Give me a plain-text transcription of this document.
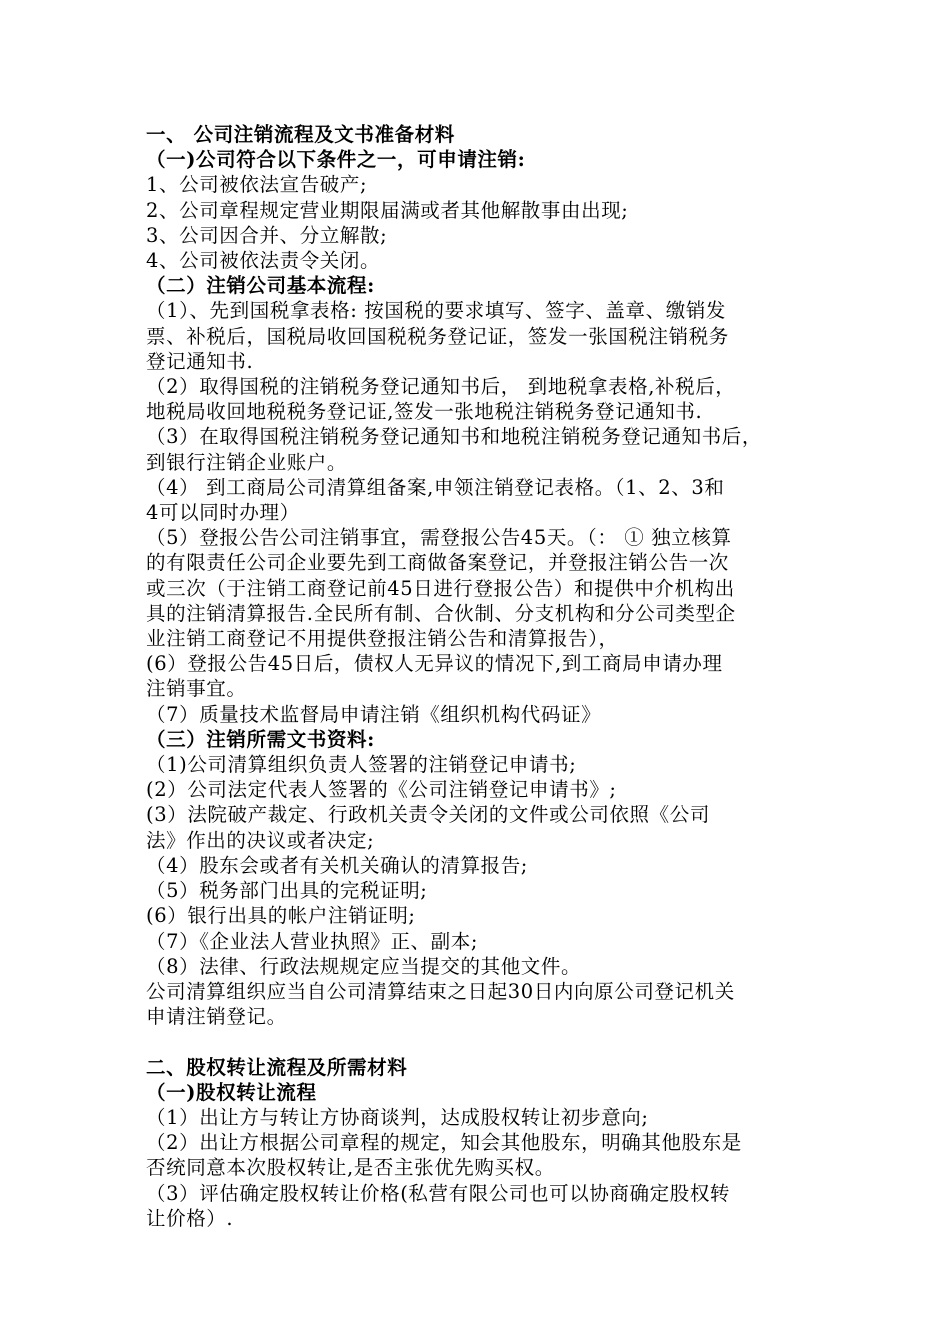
一、 公司注销流程及文书准备材料
（一)公司符合以下条件之一，可申请注销:
1、公司被依法宣告破产;
2、公司章程规定营业期限届满或者其他解散事由出现;
3、公司因合并、分立解散;
4、公司被依法责令关闭。
（二）注销公司基本流程:
（1）、先到国税拿表格: 按国税的要求填写、签字、盖章、缴销发
票、补税后，国税局收回国税税务登记证，签发一张国税注销税务
登记通知书.
（2）取得国税的注销税务登记通知书后， 到地税拿表格,补税后，
地税局收回地税税务登记证,签发一张地税注销税务登记通知书.
（3）在取得国税注销税务登记通知书和地税注销税务登记通知书后，
到银行注销企业账户。
（4） 到工商局公司清算组备案,申领注销登记表格。（1、2、3和
4可以同时办理）
（5）登报公告公司注销事宜，需登报公告45天。（： ① 独立核算
的有限责任公司企业要先到工商做备案登记，并登报注销公告一次
或三次（于注销工商登记前45日进行登报公告）和提供中介机构出
具的注销清算报告.全民所有制、合伙制、分支机构和分公司类型企
业注销工商登记不用提供登报注销公告和清算报告），
(6）登报公告45日后，债权人无异议的情况下,到工商局申请办理
注销事宜。
（7）质量技术监督局申请注销《组织机构代码证》
（三）注销所需文书资料:
（1)公司清算组织负责人签署的注销登记申请书;
(2）公司法定代表人签署的《公司注销登记申请书》;
(3）法院破产裁定、行政机关责令关闭的文件或公司依照《公司
法》作出的决议或者决定;
（4）股东会或者有关机关确认的清算报告;
（5）税务部门出具的完税证明;
(6）银行出具的帐户注销证明;
（7）《企业法人营业执照》正、副本;
（8）法律、行政法规规定应当提交的其他文件。
公司清算组织应当自公司清算结束之日起30日内向原公司登记机关
申请注销登记。
二、股权转让流程及所需材料
（一)股权转让流程
（1）出让方与转让方协商谈判，达成股权转让初步意向;
（2）出让方根据公司章程的规定，知会其他股东，明确其他股东是
否统同意本次股权转让,是否主张优先购买权。
（3）评估确定股权转让价格(私营有限公司也可以协商确定股权转
让价格）.
